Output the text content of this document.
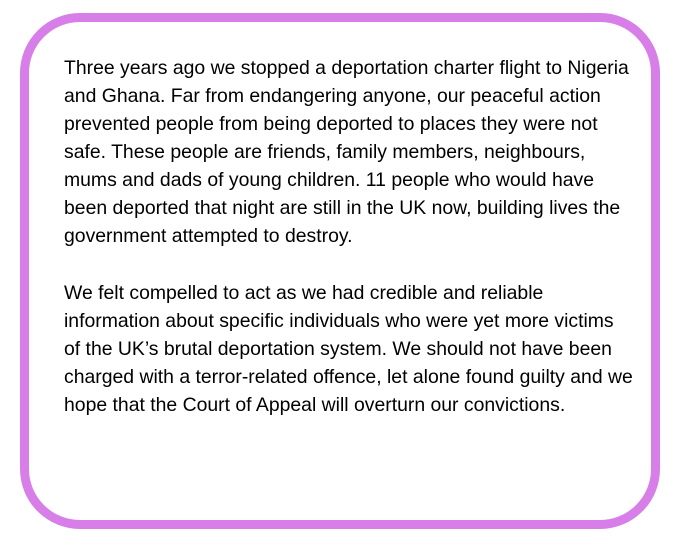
Three years ago we stopped a deportation charter flight to Nigeria and Ghana. Far from endangering anyone, our peaceful action prevented people from being deported to places they were not safe. These people are friends, family members, neighbours, mums and dads of young children. 11 people who would have been deported that night are still in the UK now, building lives the government attempted to destroy.

We felt compelled to act as we had credible and reliable information about specific individuals who were yet more victims of the UK’s brutal deportation system. We should not have been charged with a terror-related offence, let alone found guilty and we hope that the Court of Appeal will overturn our convictions.
